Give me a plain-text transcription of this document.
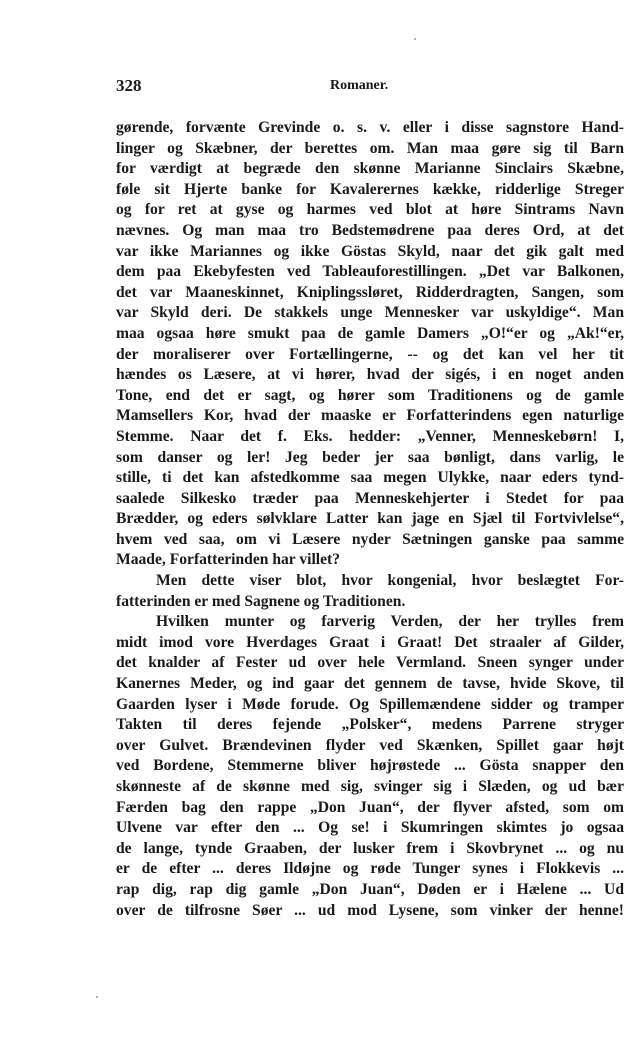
328	Romaner.
gørende, forvænte Grevinde o. s. v. eller i disse sagnstore Hand-
linger og Skæbner, der berettes om. Man maa gøre sig til Barn
for værdigt at begræde den skønne Marianne Sinclairs Skæbne,
føle sit Hjerte banke for Kavalerernes kække, ridderlige Streger
og for ret at gyse og harmes ved blot at høre Sintrams Navn
nævnes. Og man maa tro Bedstemødrene paa deres Ord, at det
var ikke Mariannes og ikke Göstas Skyld, naar det gik galt med
dem paa Ekebyfesten ved Tableauforestillingen. „Det var Balkonen,
det var Maaneskinnet, Kniplingssløret, Ridderdragten, Sangen, som
var Skyld deri. De stakkels unge Mennesker var uskyldige“. Man
maa ogsaa høre smukt paa de gamle Damers „O!“er og „Ak!“er,
der moraliserer over Fortællingerne, -- og det kan vel her tit
hændes os Læsere, at vi hører, hvad der sigés, i en noget anden
Tone, end det er sagt, og hører som Traditionens og de gamle
Mamsellers Kor, hvad der maaske er Forfatterindens egen naturlige
Stemme. Naar det f. Eks. hedder: „Venner, Menneskebørn! I,
som danser og ler! Jeg beder jer saa bønligt, dans varlig, le
stille, ti det kan afstedkomme saa megen Ulykke, naar eders tynd-
saalede Silkesko træder paa Menneskehjerter i Stedet for paa
Brædder, og eders sølvklare Latter kan jage en Sjæl til Fortvivlelse“,
hvem ved saa, om vi Læsere nyder Sætningen ganske paa samme
Maade, Forfatterinden har villet?
Men dette viser blot, hvor kongenial, hvor beslægtet For-
fatterinden er med Sagnene og Traditionen.
Hvilken munter og farverig Verden, der her trylles frem
midt imod vore Hverdages Graat i Graat! Det straaler af Gilder,
det knalder af Fester ud over hele Vermland. Sneen synger under
Kanernes Meder, og ind gaar det gennem de tavse, hvide Skove, til
Gaarden lyser i Møde forude. Og Spillemændene sidder og tramper
Takten til deres fejende „Polsker“, medens Parrene stryger
over Gulvet. Brændevinen flyder ved Skænken, Spillet gaar højt
ved Bordene, Stemmerne bliver højrøstede ... Gösta snapper den
skønneste af de skønne med sig, svinger sig i Slæden, og ud bær
Færden bag den rappe „Don Juan“, der flyver afsted, som om
Ulvene var efter den ... Og se! i Skumringen skimtes jo ogsaa
de lange, tynde Graaben, der lusker frem i Skovbrynet ... og nu
er de efter ... deres Ildøjne og røde Tunger synes i Flokkevis ...
rap dig, rap dig gamle „Don Juan“, Døden er i Hælene ... Ud
over de tilfrosne Søer ... ud mod Lysene, som vinker der henne!
